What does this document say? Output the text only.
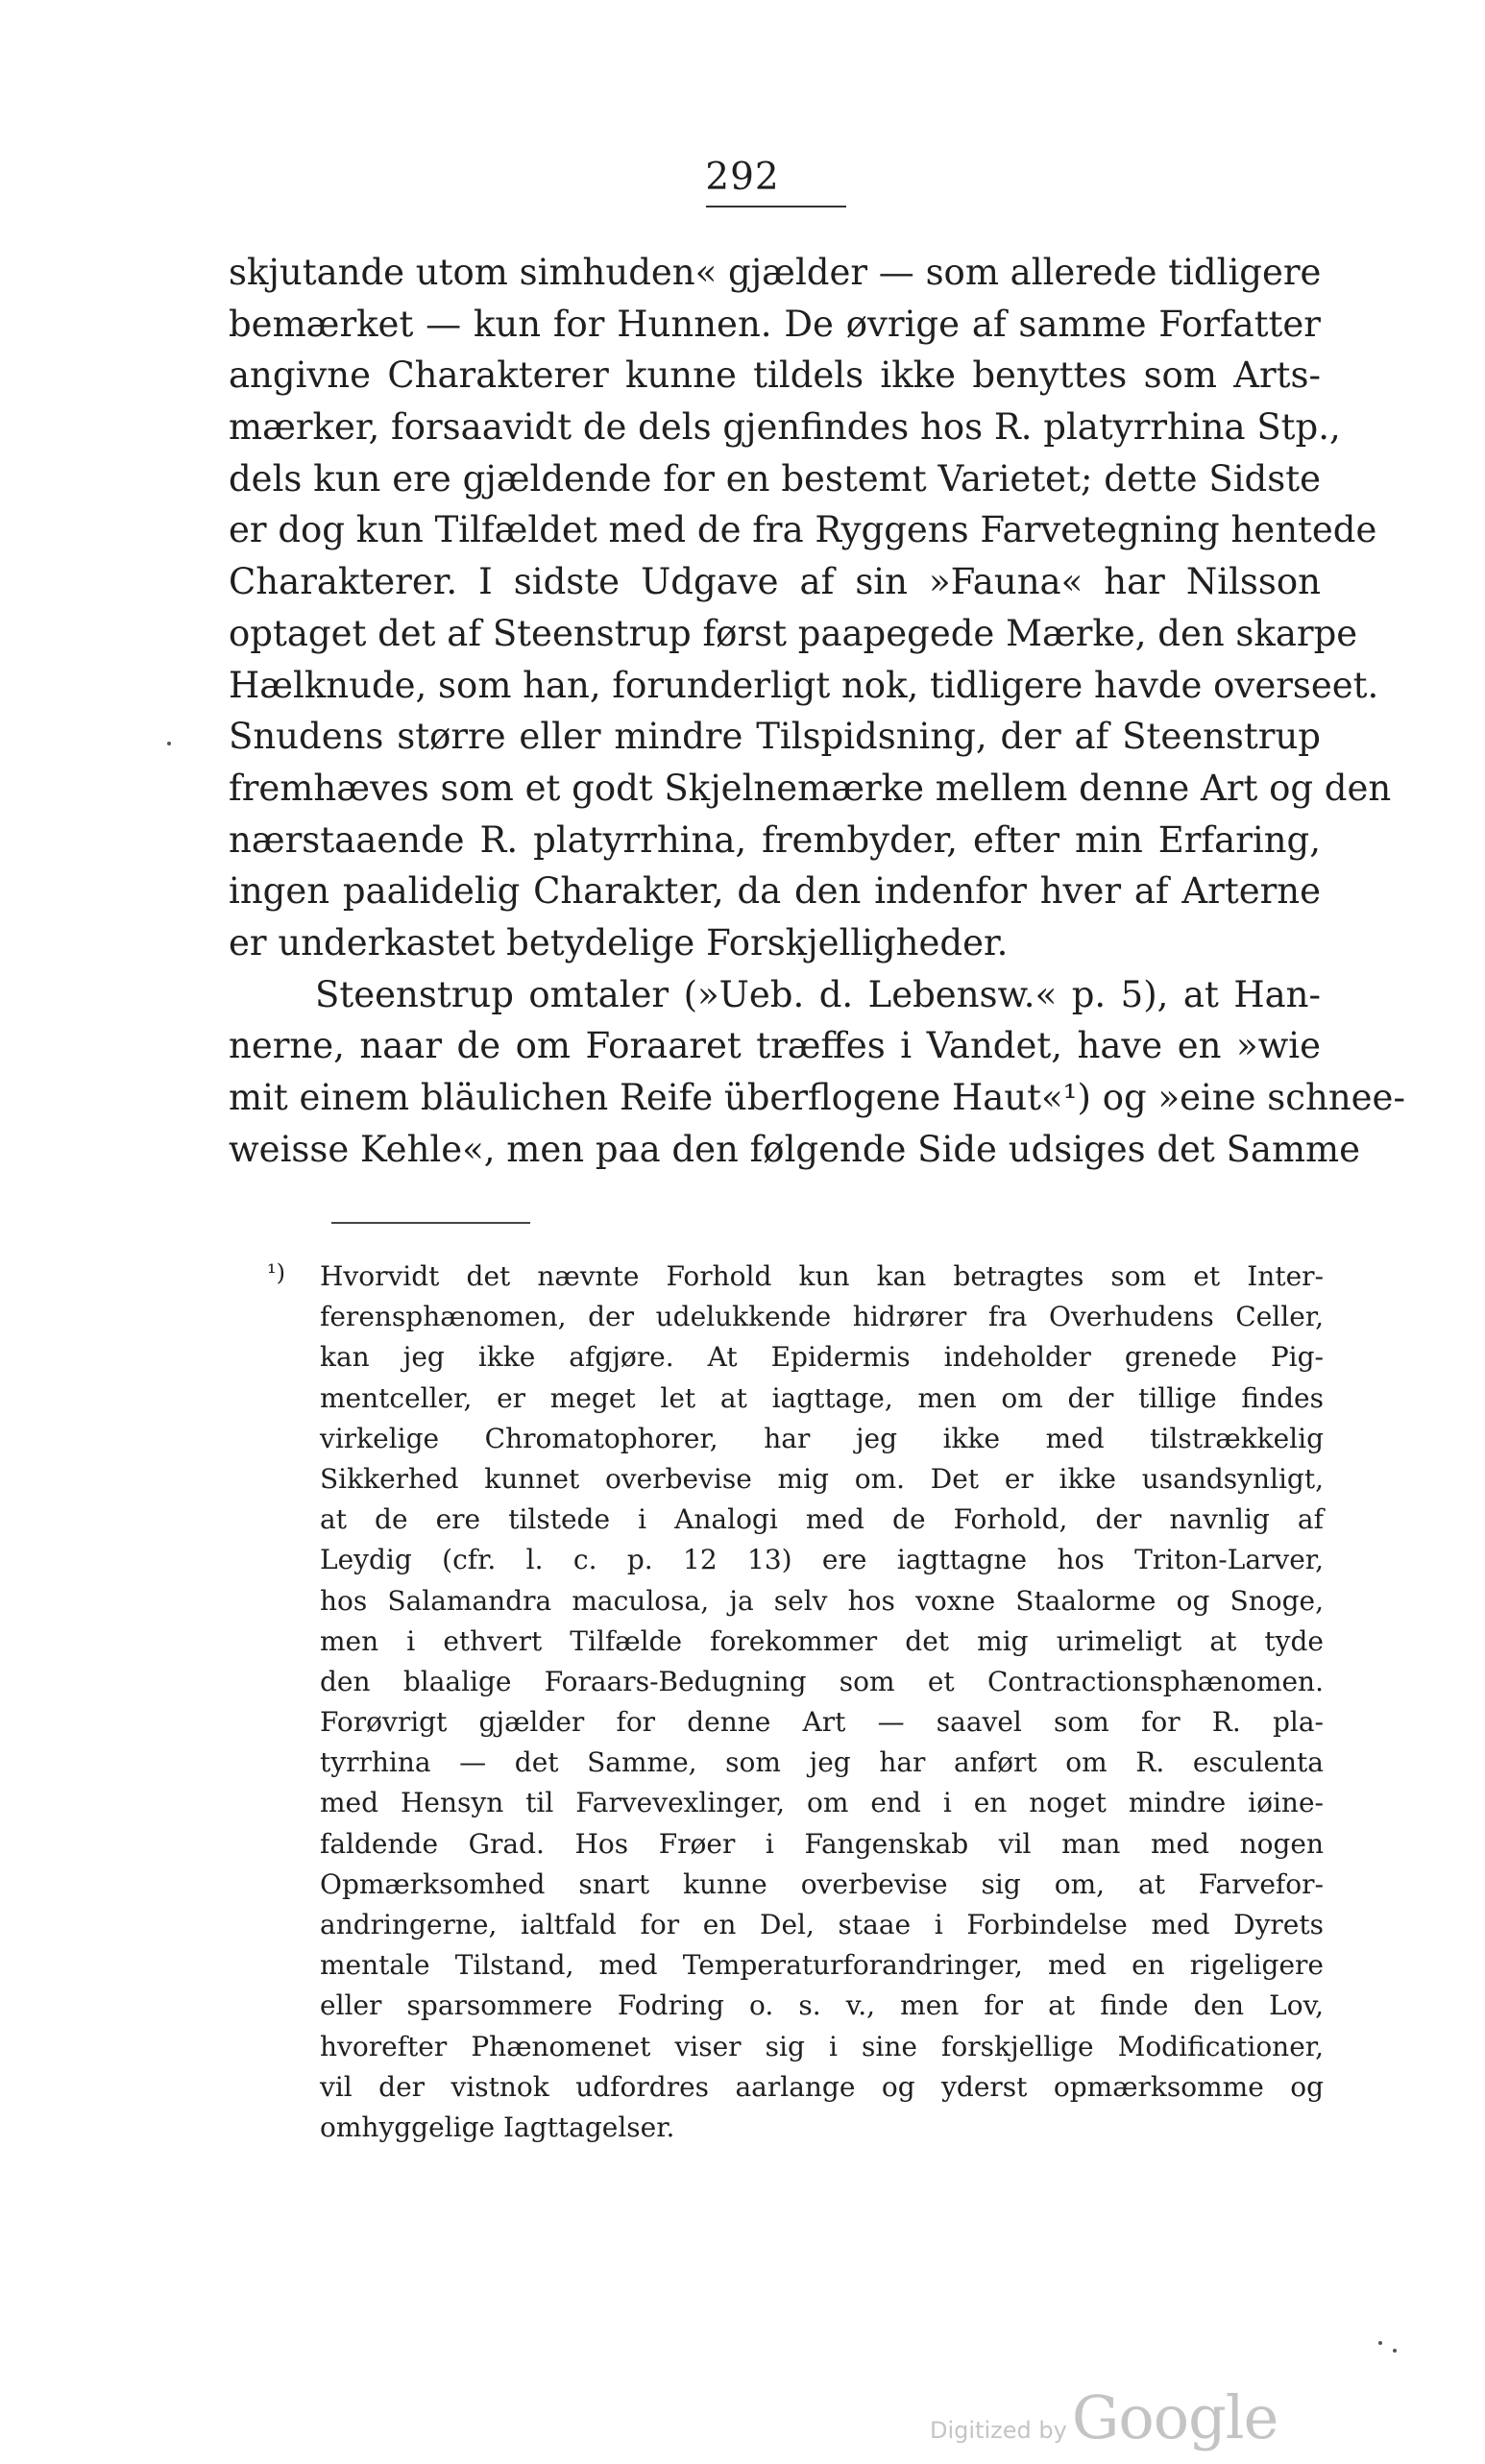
292
skjutande utom simhuden« gjælder — som allerede tidligere
bemærket — kun for Hunnen. De øvrige af samme Forfatter
angivne Charakterer kunne tildels ikke benyttes som Arts-
mærker, forsaavidt de dels gjenfindes hos R. platyrrhina Stp.,
dels kun ere gjældende for en bestemt Varietet; dette Sidste
er dog kun Tilfældet med de fra Ryggens Farvetegning hentede
Charakterer. I sidste Udgave af sin »Fauna« har Nilsson
optaget det af Steenstrup først paapegede Mærke, den skarpe
Hælknude, som han, forunderligt nok, tidligere havde overseet.
Snudens større eller mindre Tilspidsning, der af Steenstrup
fremhæves som et godt Skjelnemærke mellem denne Art og den
nærstaaende R. platyrrhina, frembyder, efter min Erfaring,
ingen paalidelig Charakter, da den indenfor hver af Arterne
er underkastet betydelige Forskjelligheder.
Steenstrup omtaler (»Ueb. d. Lebensw.« p. 5), at Han-
nerne, naar de om Foraaret træffes i Vandet, have en »wie
mit einem bläulichen Reife überflogene Haut«¹) og »eine schnee-
weisse Kehle«, men paa den følgende Side udsiges det Samme
¹)	Hvorvidt det nævnte Forhold kun kan betragtes som et Inter-
ferensphænomen, der udelukkende hidrører fra Overhudens Celler,
kan jeg ikke afgjøre. At Epidermis indeholder grenede Pig-
mentceller, er meget let at iagttage, men om der tillige findes
virkelige Chromatophorer, har jeg ikke med tilstrækkelig
Sikkerhed kunnet overbevise mig om. Det er ikke usandsynligt,
at de ere tilstede i Analogi med de Forhold, der navnlig af
Leydig (cfr. l. c. p. 12 13) ere iagttagne hos Triton-Larver,
hos Salamandra maculosa, ja selv hos voxne Staalorme og Snoge,
men i ethvert Tilfælde forekommer det mig urimeligt at tyde
den blaalige Foraars-Bedugning som et Contractionsphænomen.
Forøvrigt gjælder for denne Art — saavel som for R. pla-
tyrrhina — det Samme, som jeg har anført om R. esculenta
med Hensyn til Farvevexlinger, om end i en noget mindre iøine-
faldende Grad. Hos Frøer i Fangenskab vil man med nogen
Opmærksomhed snart kunne overbevise sig om, at Farvefor-
andringerne, ialtfald for en Del, staae i Forbindelse med Dyrets
mentale Tilstand, med Temperaturforandringer, med en rigeligere
eller sparsommere Fodring o. s. v., men for at finde den Lov,
hvorefter Phænomenet viser sig i sine forskjellige Modificationer,
vil der vistnok udfordres aarlange og yderst opmærksomme og
omhyggelige Iagttagelser.
Digitized by Google
